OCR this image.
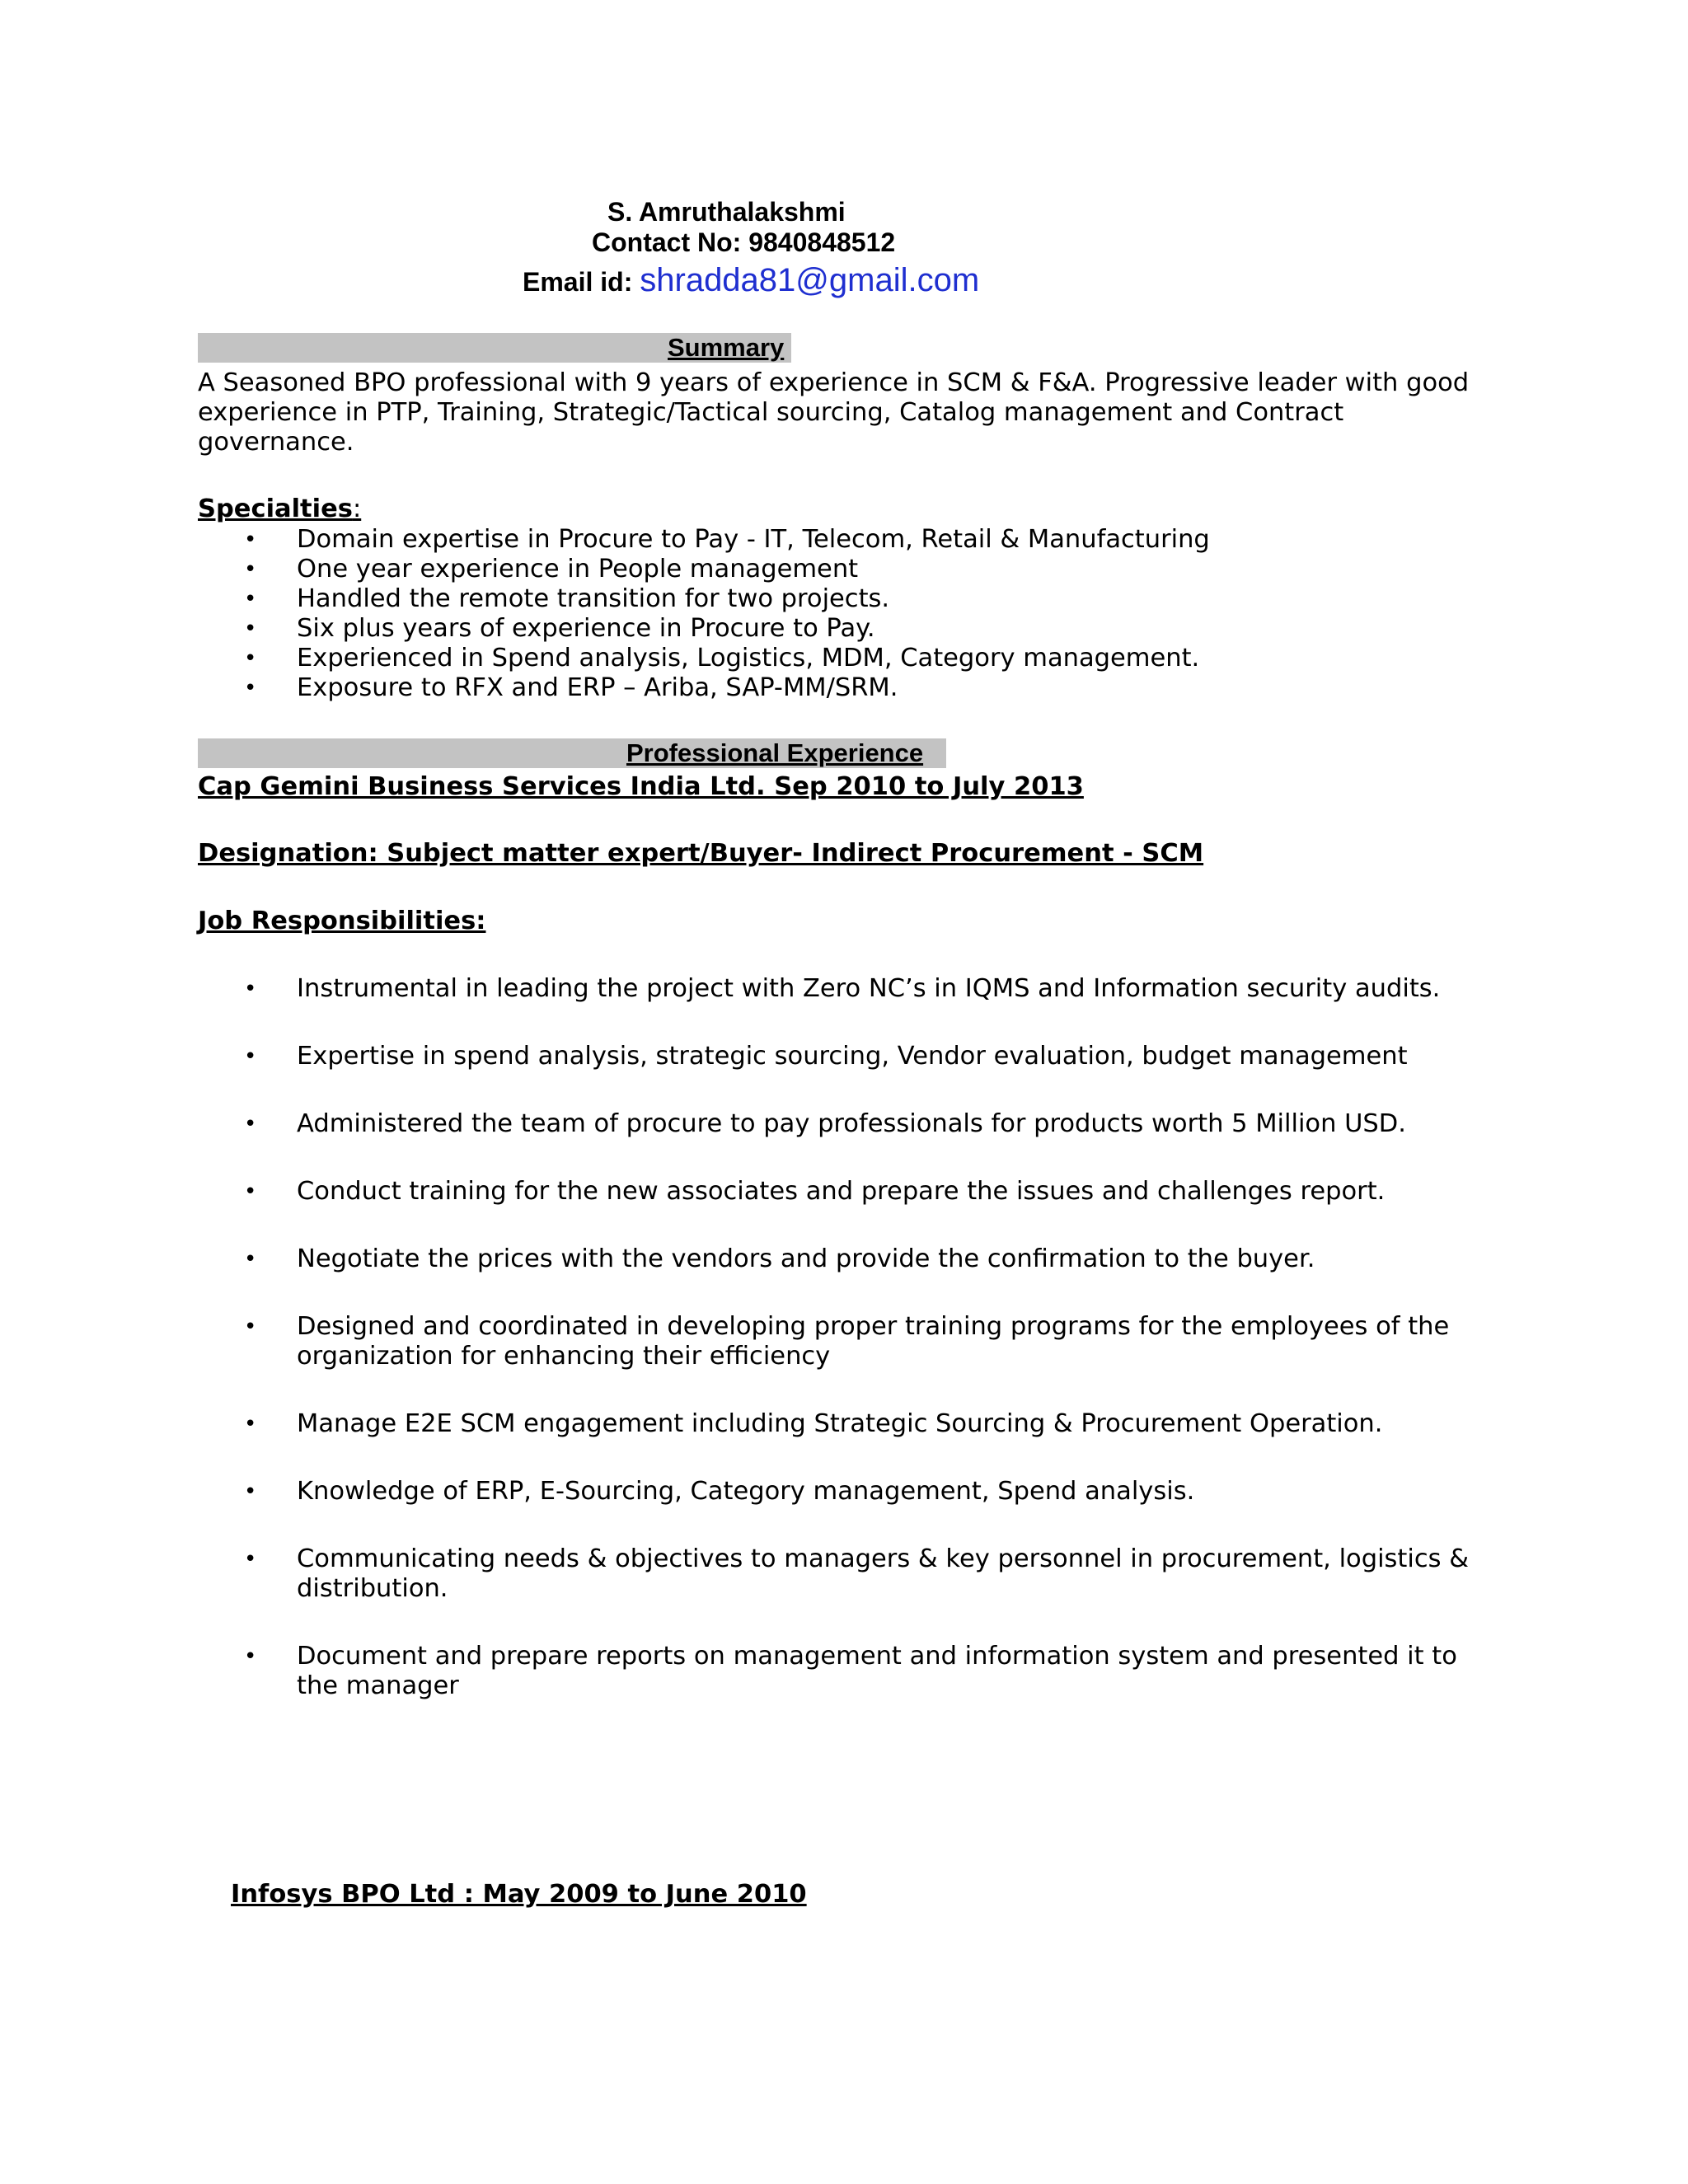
S. Amruthalakshmi
Contact No: 9840848512
Email id: shradda81@gmail.com
Summary
A Seasoned BPO professional with 9 years of experience in SCM & F&A. Progressive leader with good experience in PTP, Training, Strategic/Tactical sourcing, Catalog management and Contract governance.
Specialties:
• Domain expertise in Procure to Pay - IT, Telecom, Retail & Manufacturing
• One year experience in People management
• Handled the remote transition for two projects.
• Six plus years of experience in Procure to Pay.
• Experienced in Spend analysis, Logistics, MDM, Category management.
• Exposure to RFX and ERP – Ariba, SAP-MM/SRM.
Professional Experience
Cap Gemini Business Services India Ltd. Sep 2010 to July 2013
Designation: Subject matter expert/Buyer- Indirect Procurement - SCM
Job Responsibilities:
• Instrumental in leading the project with Zero NC’s in IQMS and Information security audits.
• Expertise in spend analysis, strategic sourcing, Vendor evaluation, budget management
• Administered the team of procure to pay professionals for products worth 5 Million USD.
• Conduct training for the new associates and prepare the issues and challenges report.
• Negotiate the prices with the vendors and provide the confirmation to the buyer.
• Designed and coordinated in developing proper training programs for the employees of the organization for enhancing their efficiency
• Manage E2E SCM engagement including Strategic Sourcing & Procurement Operation.
• Knowledge of ERP, E-Sourcing, Category management, Spend analysis.
• Communicating needs & objectives to managers & key personnel in procurement, logistics & distribution.
• Document and prepare reports on management and information system and presented it to the manager
Infosys BPO Ltd : May 2009 to June 2010
